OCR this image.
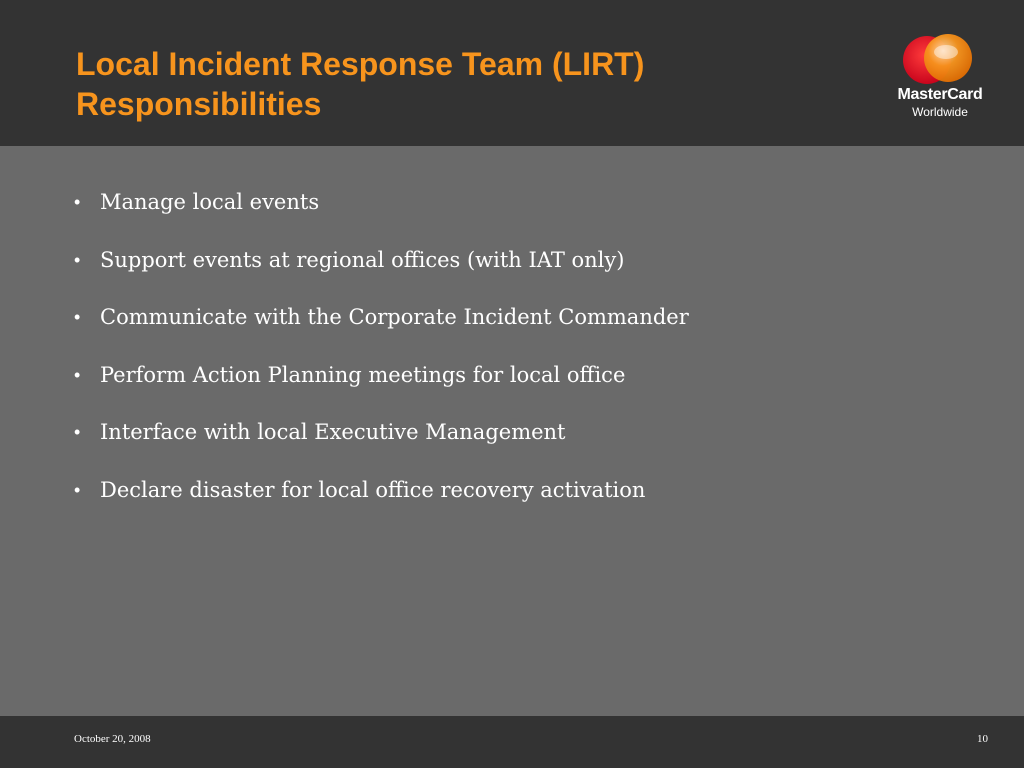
Local Incident Response Team (LIRT)
Responsibilities	MasterCard
Worldwide
• Manage local events
• Support events at regional offices (with IAT only)
• Communicate with the Corporate Incident Commander
• Perform Action Planning meetings for local office
• Interface with local Executive Management
• Declare disaster for local office recovery activation
October 20, 2008	10
